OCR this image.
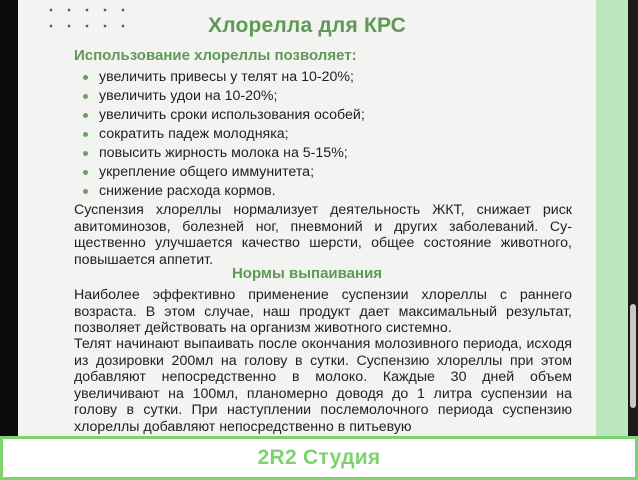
Хлорелла для КРС
Использование хлореллы позволяет:
увеличить привесы у телят на 10-20%;
увеличить удои на 10-20%;
увеличить сроки использования особей;
сократить падеж молодняка;
повысить жирность молока на 5-15%;
укрепление общего иммунитета;
снижение расхода кормов.

Суспензия хлореллы нормализует деятельность ЖКТ, снижает риск авитоминозов, болезней ног, пневмоний и других заболеваний. Су-щественно улучшается качество шерсти, общее состояние животного, повышается аппетит.

Нормы выпаивания

Наиболее эффективно применение суспензии хлореллы с раннего возраста. В этом случае, наш продукт дает максимальный результат, позволяет действовать на организм животного системно.

Телят начинают выпаивать после окончания молозивного периода, исходя из дозировки 200мл на голову в сутки. Суспензию хлореллы при этом добавляют непосредственно в молоко. Каждые 30 дней объем увеличивают на 100мл, планомерно доводя до 1 литра суспензии на голову в сутки. При наступлении послемолочного периода суспензию хлореллы добавляют непосредственно в питьевую

2R2 Студия
